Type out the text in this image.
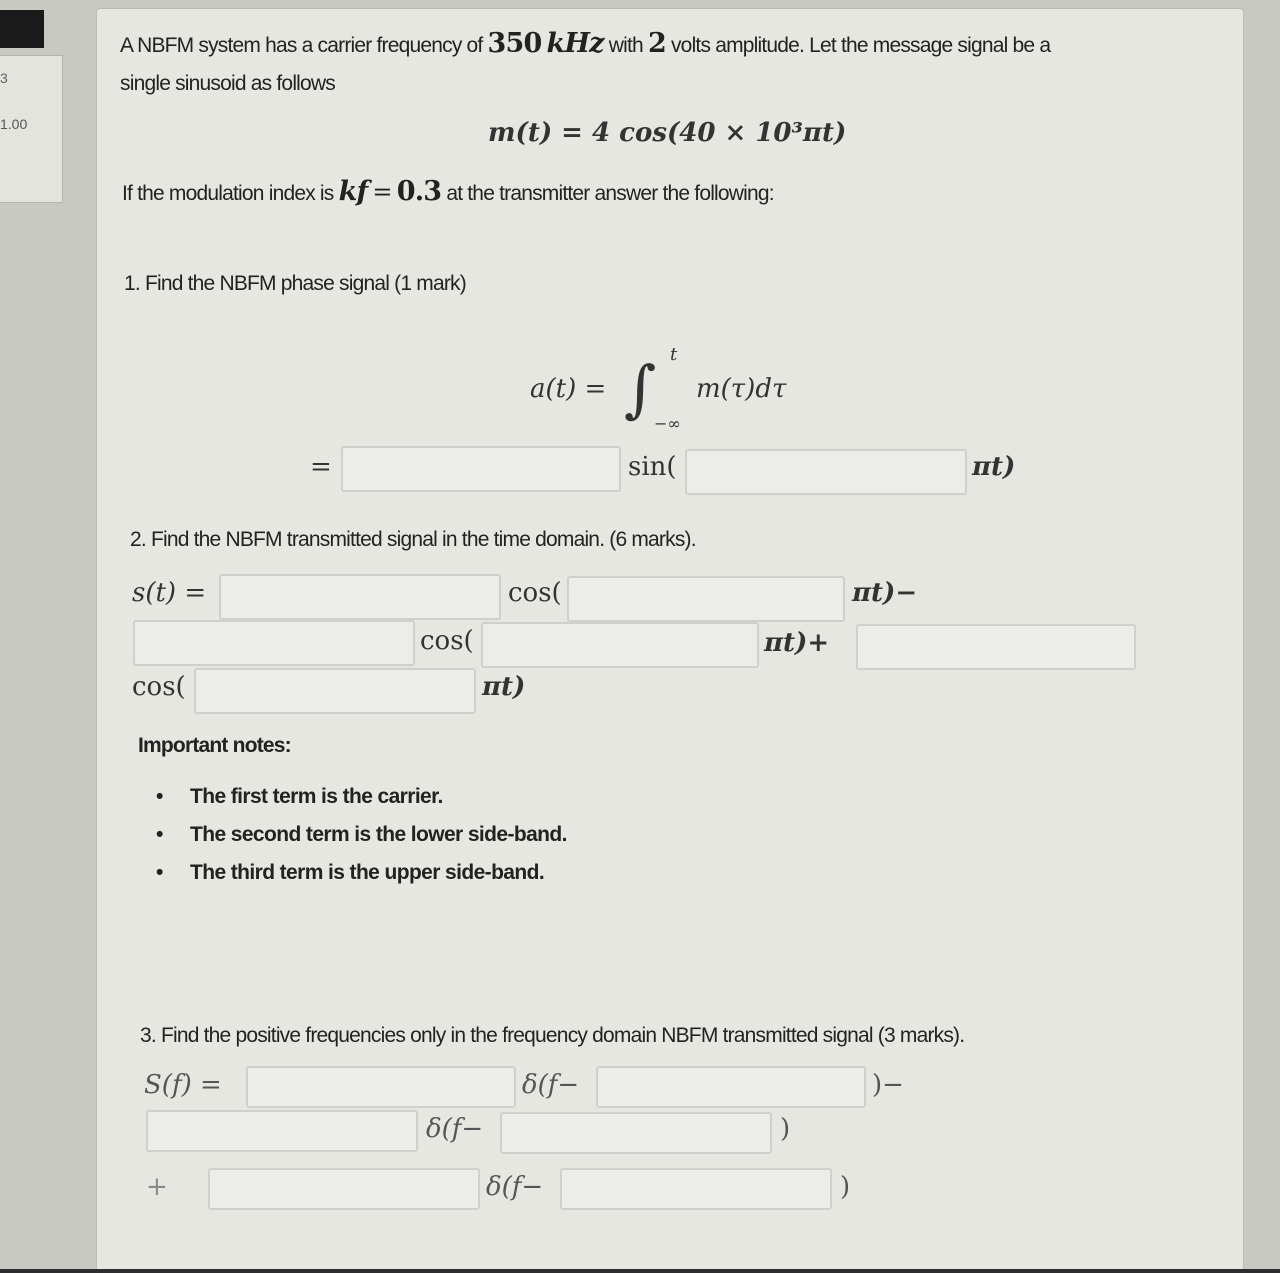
3
1.00
A NBFM system has a carrier frequency of 350 kHz with 2 volts amplitude. Let the message signal be a
single sinusoid as follows
m(t) = 4 cos(40 × 10³πt)
If the modulation index is kf = 0.3 at the transmitter answer the following:
1. Find the NBFM phase signal (1 mark)
a(t) = ∫ t
−∞
m(τ)dτ
=	sin(	πt)
2. Find the NBFM transmitted signal in the time domain. (6 marks).
s(t) =	cos(	πt)−
cos(	πt)+
cos(	πt)
Important notes:
• The first term is the carrier.
• The second term is the lower side-band.
• The third term is the upper side-band.
3. Find the positive frequencies only in the frequency domain NBFM transmitted signal (3 marks).
S(f) =	δ(f−	)−
δ(f−	)
+	δ(f−	)
